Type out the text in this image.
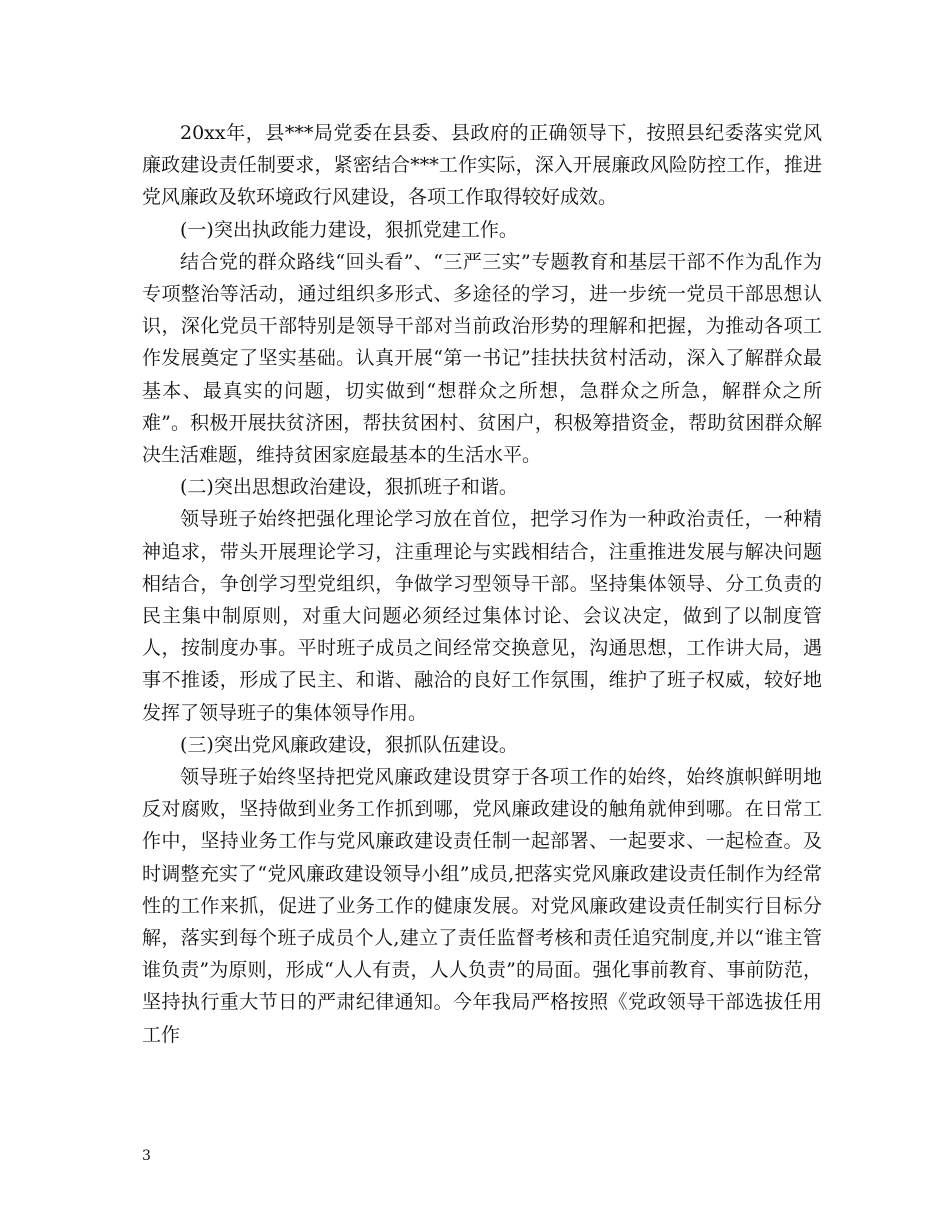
20xx年，县***局党委在县委、县政府的正确领导下，按照县纪委落实党风廉政建设责任制要求，紧密结合***工作实际，深入开展廉政风险防控工作，推进党风廉政及软环境政行风建设，各项工作取得较好成效。

(一)突出执政能力建设，狠抓党建工作。

结合党的群众路线“回头看”、“三严三实”专题教育和基层干部不作为乱作为专项整治等活动，通过组织多形式、多途径的学习，进一步统一党员干部思想认识，深化党员干部特别是领导干部对当前政治形势的理解和把握，为推动各项工作发展奠定了坚实基础。认真开展“第一书记”挂扶扶贫村活动，深入了解群众最基本、最真实的问题，切实做到“想群众之所想，急群众之所急，解群众之所难”。积极开展扶贫济困，帮扶贫困村、贫困户，积极筹措资金，帮助贫困群众解决生活难题，维持贫困家庭最基本的生活水平。

(二)突出思想政治建设，狠抓班子和谐。

领导班子始终把强化理论学习放在首位，把学习作为一种政治责任，一种精神追求，带头开展理论学习，注重理论与实践相结合，注重推进发展与解决问题相结合，争创学习型党组织，争做学习型领导干部。坚持集体领导、分工负责的民主集中制原则，对重大问题必须经过集体讨论、会议决定，做到了以制度管人，按制度办事。平时班子成员之间经常交换意见，沟通思想，工作讲大局，遇事不推诿，形成了民主、和谐、融洽的良好工作氛围，维护了班子权威，较好地发挥了领导班子的集体领导作用。

(三)突出党风廉政建设，狠抓队伍建设。

领导班子始终坚持把党风廉政建设贯穿于各项工作的始终，始终旗帜鲜明地反对腐败，坚持做到业务工作抓到哪，党风廉政建设的触角就伸到哪。在日常工作中，坚持业务工作与党风廉政建设责任制一起部署、一起要求、一起检查。及时调整充实了“党风廉政建设领导小组”成员,把落实党风廉政建设责任制作为经常性的工作来抓，促进了业务工作的健康发展。对党风廉政建设责任制实行目标分解，落实到每个班子成员个人,建立了责任监督考核和责任追究制度,并以“谁主管谁负责”为原则，形成“人人有责，人人负责”的局面。强化事前教育、事前防范，坚持执行重大节日的严肃纪律通知。今年我局严格按照《党政领导干部选拔任用工作

3
